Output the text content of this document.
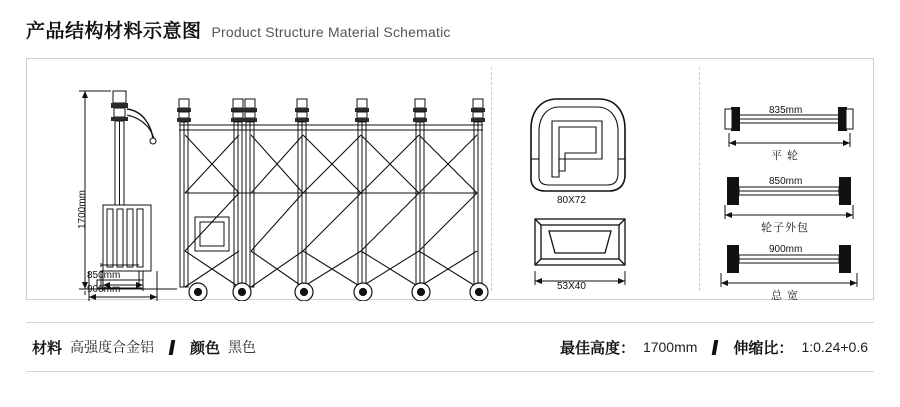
产品结构材料示意图 Product Structure Material Schematic
1700mm
850mm
900mm
80X72
53X40
835mm
平 轮
850mm
轮子外包
900mm
总 宽
材料 高强度合金铝 颜色 黑色	最佳高度： 1700mm 伸缩比： 1:0.24+0.6
